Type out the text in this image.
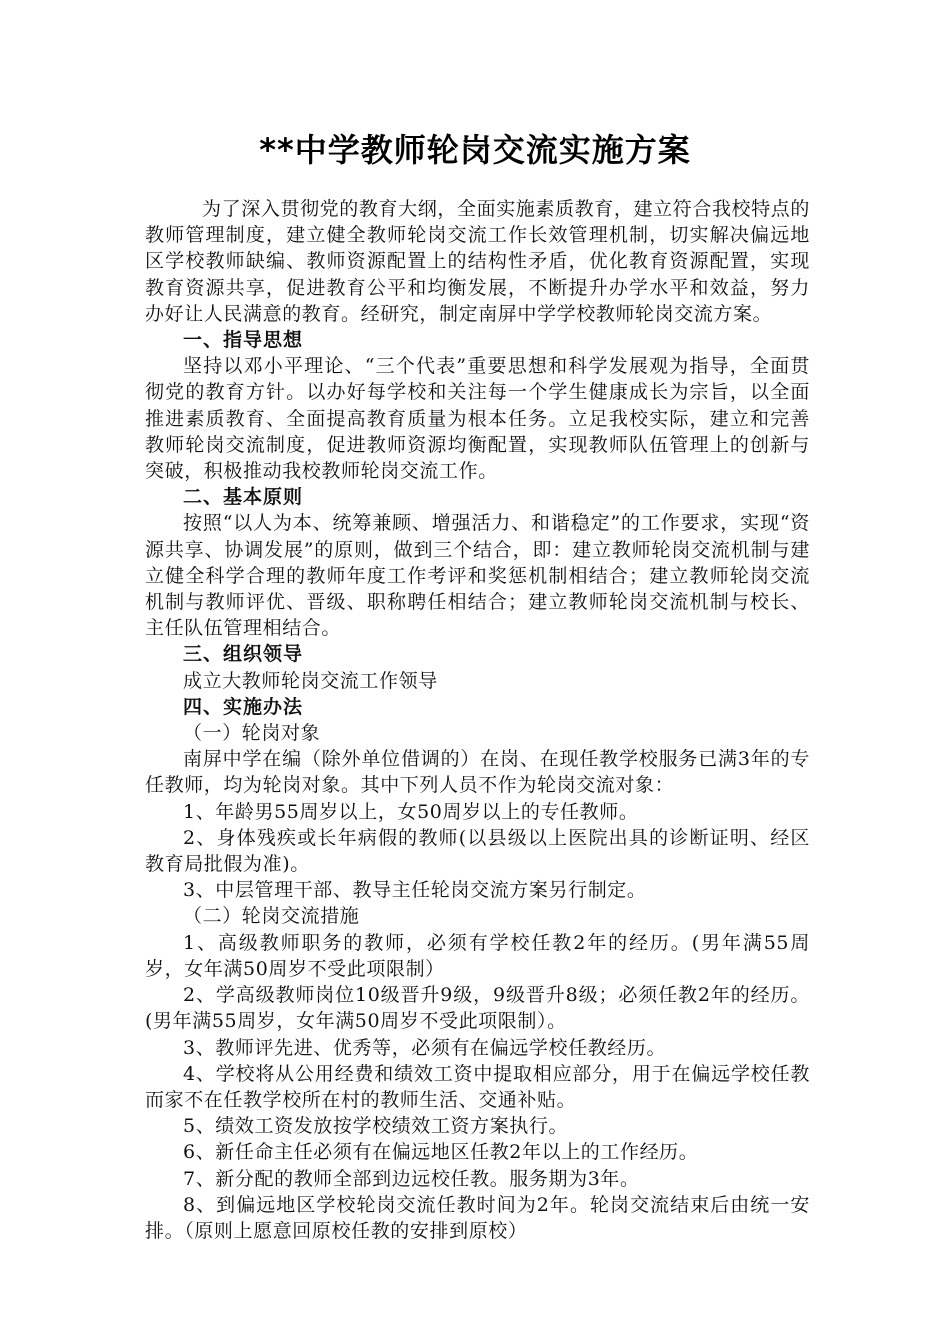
**中学教师轮岗交流实施方案

为了深入贯彻党的教育大纲，全面实施素质教育，建立符合我校特点的教师管理制度，建立健全教师轮岗交流工作长效管理机制，切实解决偏远地区学校教师缺编、教师资源配置上的结构性矛盾，优化教育资源配置，实现教育资源共享，促进教育公平和均衡发展，不断提升办学水平和效益，努力办好让人民满意的教育。经研究，制定南屏中学学校教师轮岗交流方案。

一、指导思想

坚持以邓小平理论、“三个代表”重要思想和科学发展观为指导，全面贯彻党的教育方针。以办好每学校和关注每一个学生健康成长为宗旨，以全面推进素质教育、全面提高教育质量为根本任务。立足我校实际，建立和完善教师轮岗交流制度，促进教师资源均衡配置，实现教师队伍管理上的创新与突破，积极推动我校教师轮岗交流工作。

二、基本原则

按照“以人为本、统筹兼顾、增强活力、和谐稳定”的工作要求，实现“资源共享、协调发展”的原则，做到三个结合，即：建立教师轮岗交流机制与建立健全科学合理的教师年度工作考评和奖惩机制相结合；建立教师轮岗交流机制与教师评优、晋级、职称聘任相结合；建立教师轮岗交流机制与校长、主任队伍管理相结合。

三、组织领导

成立大教师轮岗交流工作领导

四、实施办法

（一）轮岗对象

南屏中学在编（除外单位借调的）在岗、在现任教学校服务已满3年的专任教师，均为轮岗对象。其中下列人员不作为轮岗交流对象：

1、年龄男55周岁以上，女50周岁以上的专任教师。

2、身体残疾或长年病假的教师(以县级以上医院出具的诊断证明、经区教育局批假为准)。

3、中层管理干部、教导主任轮岗交流方案另行制定。

（二）轮岗交流措施

1、高级教师职务的教师，必须有学校任教2年的经历。(男年满55周岁，女年满50周岁不受此项限制）

2、学高级教师岗位10级晋升9级，9级晋升8级；必须任教2年的经历。(男年满55周岁，女年满50周岁不受此项限制）。

3、教师评先进、优秀等，必须有在偏远学校任教经历。

4、学校将从公用经费和绩效工资中提取相应部分，用于在偏远学校任教而家不在任教学校所在村的教师生活、交通补贴。

5、绩效工资发放按学校绩效工资方案执行。

6、新任命主任必须有在偏远地区任教2年以上的工作经历。

7、新分配的教师全部到边远校任教。服务期为3年。

8、到偏远地区学校轮岗交流任教时间为2年。轮岗交流结束后由统一安排。（原则上愿意回原校任教的安排到原校）
